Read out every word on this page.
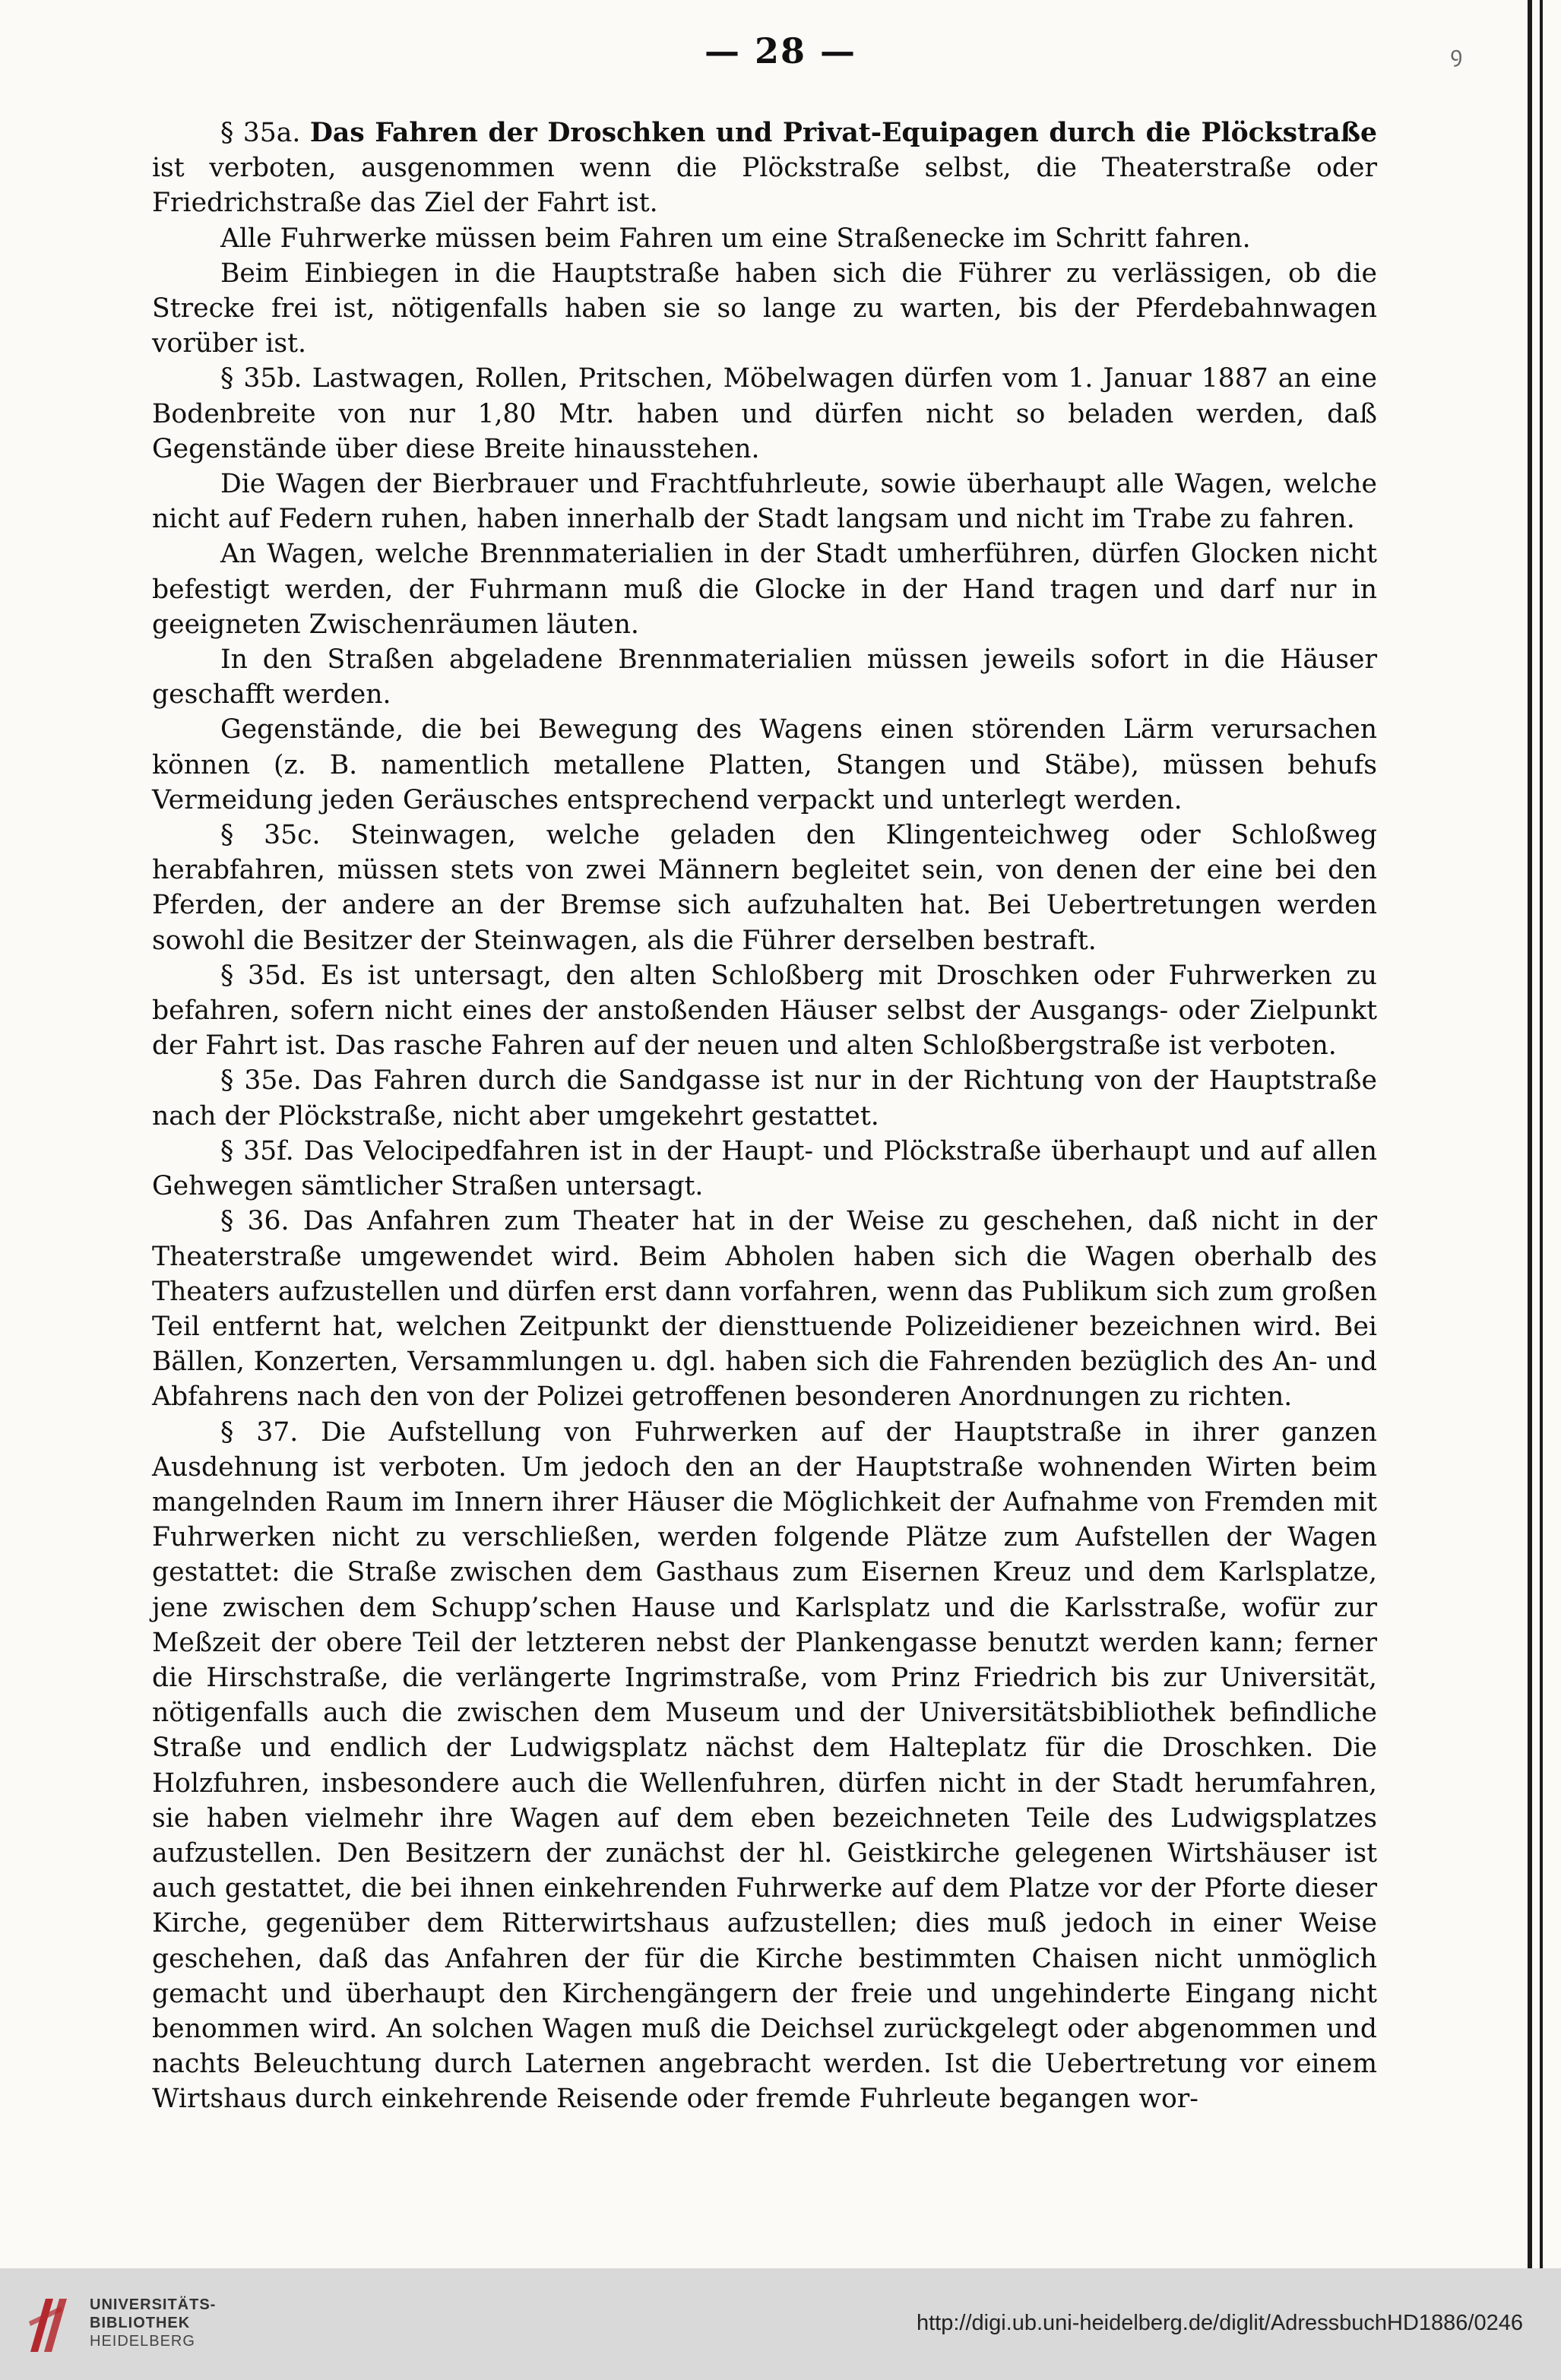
— 28 —	ꝯ

§ 35a. Das Fahren der Droschken und Privat-Equipagen durch die Plöckstraße ist verboten, ausgenommen wenn die Plöckstraße selbst, die Theaterstraße oder Friedrichstraße das Ziel der Fahrt ist.

Alle Fuhrwerke müssen beim Fahren um eine Straßenecke im Schritt fahren.

Beim Einbiegen in die Hauptstraße haben sich die Führer zu verlässigen, ob die Strecke frei ist, nötigenfalls haben sie so lange zu warten, bis der Pferdebahnwagen vorüber ist.

§ 35b. Lastwagen, Rollen, Pritschen, Möbelwagen dürfen vom 1. Januar 1887 an eine Bodenbreite von nur 1,80 Mtr. haben und dürfen nicht so beladen werden, daß Gegenstände über diese Breite hinausstehen.

Die Wagen der Bierbrauer und Frachtfuhrleute, sowie überhaupt alle Wagen, welche nicht auf Federn ruhen, haben innerhalb der Stadt langsam und nicht im Trabe zu fahren.

An Wagen, welche Brennmaterialien in der Stadt umherführen, dürfen Glocken nicht befestigt werden, der Fuhrmann muß die Glocke in der Hand tragen und darf nur in geeigneten Zwischenräumen läuten.

In den Straßen abgeladene Brennmaterialien müssen jeweils sofort in die Häuser geschafft werden.

Gegenstände, die bei Bewegung des Wagens einen störenden Lärm verursachen können (z. B. namentlich metallene Platten, Stangen und Stäbe), müssen behufs Vermeidung jeden Geräusches entsprechend verpackt und unterlegt werden.

§ 35c. Steinwagen, welche geladen den Klingenteichweg oder Schloßweg herabfahren, müssen stets von zwei Männern begleitet sein, von denen der eine bei den Pferden, der andere an der Bremse sich aufzuhalten hat. Bei Uebertretungen werden sowohl die Besitzer der Steinwagen, als die Führer derselben bestraft.

§ 35d. Es ist untersagt, den alten Schloßberg mit Droschken oder Fuhrwerken zu befahren, sofern nicht eines der anstoßenden Häuser selbst der Ausgangs- oder Zielpunkt der Fahrt ist. Das rasche Fahren auf der neuen und alten Schloßbergstraße ist verboten.

§ 35e. Das Fahren durch die Sandgasse ist nur in der Richtung von der Hauptstraße nach der Plöckstraße, nicht aber umgekehrt gestattet.

§ 35f. Das Velocipedfahren ist in der Haupt- und Plöckstraße überhaupt und auf allen Gehwegen sämtlicher Straßen untersagt.

§ 36. Das Anfahren zum Theater hat in der Weise zu geschehen, daß nicht in der Theaterstraße umgewendet wird. Beim Abholen haben sich die Wagen oberhalb des Theaters aufzustellen und dürfen erst dann vorfahren, wenn das Publikum sich zum großen Teil entfernt hat, welchen Zeitpunkt der diensttuende Polizeidiener bezeichnen wird. Bei Bällen, Konzerten, Versammlungen u. dgl. haben sich die Fahrenden bezüglich des An- und Abfahrens nach den von der Polizei getroffenen besonderen Anordnungen zu richten.

§ 37. Die Aufstellung von Fuhrwerken auf der Hauptstraße in ihrer ganzen Ausdehnung ist verboten. Um jedoch den an der Hauptstraße wohnenden Wirten beim mangelnden Raum im Innern ihrer Häuser die Möglichkeit der Aufnahme von Fremden mit Fuhrwerken nicht zu verschließen, werden folgende Plätze zum Aufstellen der Wagen gestattet: die Straße zwischen dem Gasthaus zum Eisernen Kreuz und dem Karlsplatze, jene zwischen dem Schupp’schen Hause und Karlsplatz und die Karlsstraße, wofür zur Meßzeit der obere Teil der letzteren nebst der Plankengasse benutzt werden kann; ferner die Hirschstraße, die verlängerte Ingrimstraße, vom Prinz Friedrich bis zur Universität, nötigenfalls auch die zwischen dem Museum und der Universitätsbibliothek befindliche Straße und endlich der Ludwigsplatz nächst dem Halteplatz für die Droschken. Die Holzfuhren, insbesondere auch die Wellenfuhren, dürfen nicht in der Stadt herumfahren, sie haben vielmehr ihre Wagen auf dem eben bezeichneten Teile des Ludwigsplatzes aufzustellen. Den Besitzern der zunächst der hl. Geistkirche gelegenen Wirtshäuser ist auch gestattet, die bei ihnen einkehrenden Fuhrwerke auf dem Platze vor der Pforte dieser Kirche, gegenüber dem Ritterwirtshaus aufzustellen; dies muß jedoch in einer Weise geschehen, daß das Anfahren der für die Kirche bestimmten Chaisen nicht unmöglich gemacht und überhaupt den Kirchengängern der freie und ungehinderte Eingang nicht benommen wird. An solchen Wagen muß die Deichsel zurückgelegt oder abgenommen und nachts Beleuchtung durch Laternen angebracht werden. Ist die Uebertretung vor einem Wirtshaus durch einkehrende Reisende oder fremde Fuhrleute begangen wor-

UNIVERSITÄTS-
BIBLIOTHEK
HEIDELBERG
http://digi.ub.uni-heidelberg.de/diglit/AdressbuchHD1886/0246
